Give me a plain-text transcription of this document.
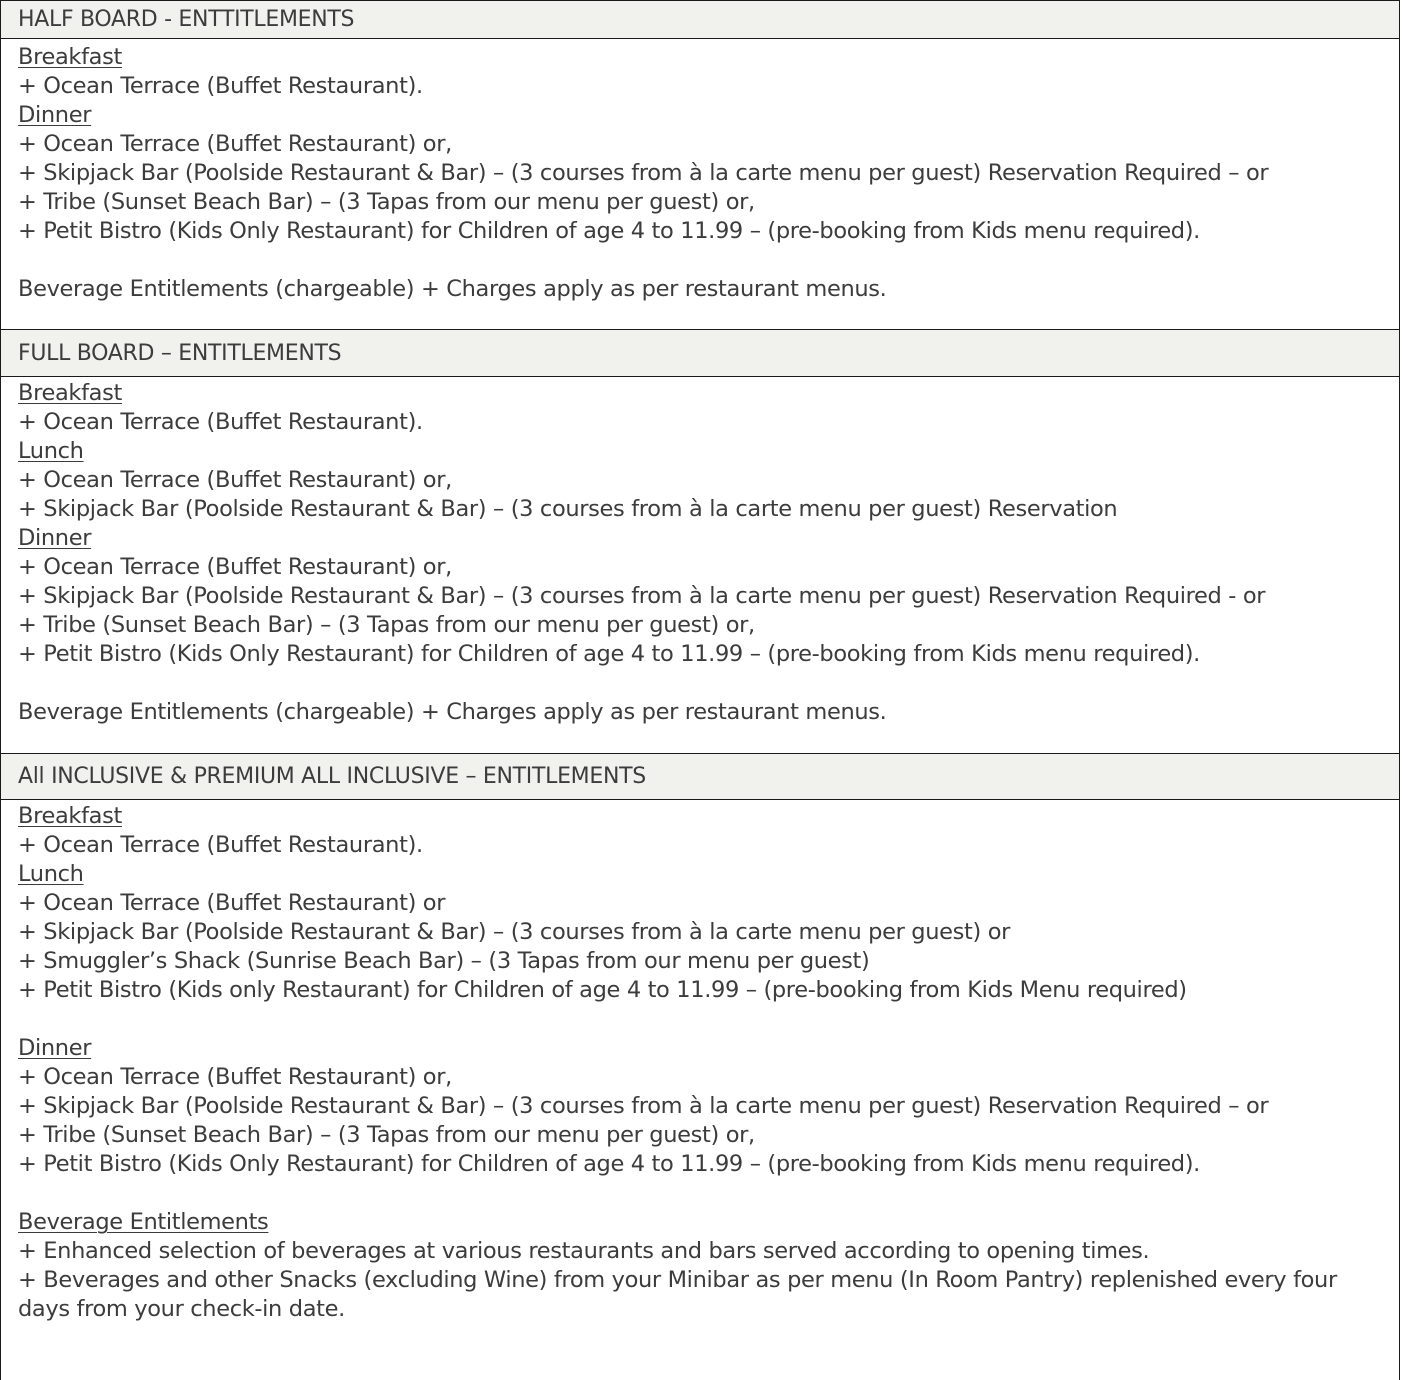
HALF BOARD - ENTTITLEMENTS
Breakfast
+ Ocean Terrace (Buffet Restaurant).
Dinner
+ Ocean Terrace (Buffet Restaurant) or,
+ Skipjack Bar (Poolside Restaurant & Bar) – (3 courses from à la carte menu per guest) Reservation Required – or
+ Tribe (Sunset Beach Bar) – (3 Tapas from our menu per guest) or,
+ Petit Bistro (Kids Only Restaurant) for Children of age 4 to 11.99 – (pre-booking from Kids menu required).
Beverage Entitlements (chargeable) + Charges apply as per restaurant menus.
FULL BOARD – ENTITLEMENTS
Breakfast
+ Ocean Terrace (Buffet Restaurant).
Lunch
+ Ocean Terrace (Buffet Restaurant) or,
+ Skipjack Bar (Poolside Restaurant & Bar) – (3 courses from à la carte menu per guest) Reservation
Dinner
+ Ocean Terrace (Buffet Restaurant) or,
+ Skipjack Bar (Poolside Restaurant & Bar) – (3 courses from à la carte menu per guest) Reservation Required - or
+ Tribe (Sunset Beach Bar) – (3 Tapas from our menu per guest) or,
+ Petit Bistro (Kids Only Restaurant) for Children of age 4 to 11.99 – (pre-booking from Kids menu required).
Beverage Entitlements (chargeable) + Charges apply as per restaurant menus.
All INCLUSIVE & PREMIUM ALL INCLUSIVE – ENTITLEMENTS
Breakfast
+ Ocean Terrace (Buffet Restaurant).
Lunch
+ Ocean Terrace (Buffet Restaurant) or
+ Skipjack Bar (Poolside Restaurant & Bar) – (3 courses from à la carte menu per guest) or
+ Smuggler’s Shack (Sunrise Beach Bar) – (3 Tapas from our menu per guest)
+ Petit Bistro (Kids only Restaurant) for Children of age 4 to 11.99 – (pre-booking from Kids Menu required)
Dinner
+ Ocean Terrace (Buffet Restaurant) or,
+ Skipjack Bar (Poolside Restaurant & Bar) – (3 courses from à la carte menu per guest) Reservation Required – or
+ Tribe (Sunset Beach Bar) – (3 Tapas from our menu per guest) or,
+ Petit Bistro (Kids Only Restaurant) for Children of age 4 to 11.99 – (pre-booking from Kids menu required).
Beverage Entitlements
+ Enhanced selection of beverages at various restaurants and bars served according to opening times.
+ Beverages and other Snacks (excluding Wine) from your Minibar as per menu (In Room Pantry) replenished every four days from your check-in date.
